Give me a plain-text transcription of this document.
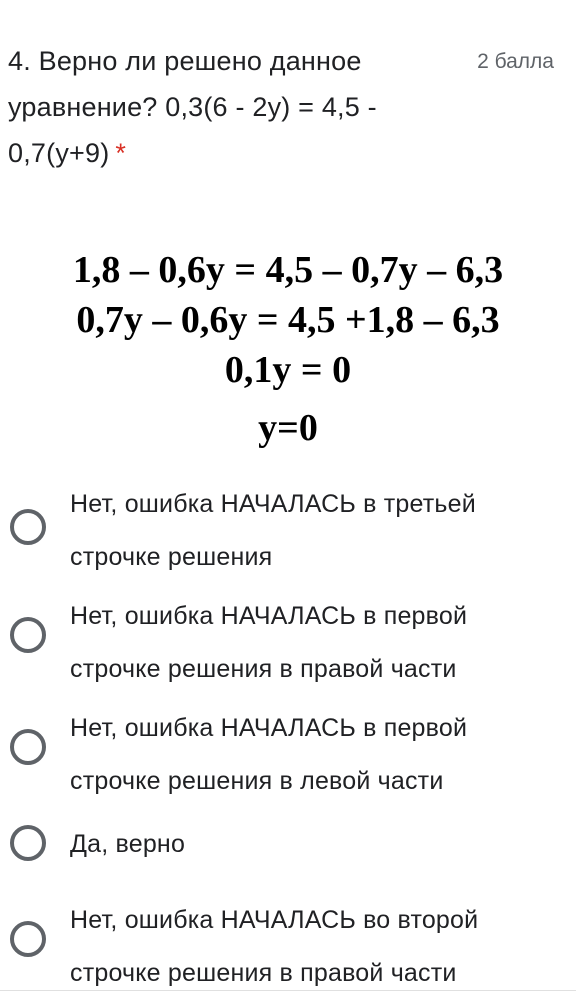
4. Верно ли решено данное уравнение? 0,3(6 - 2y) = 4,5 - 0,7(y+9) *
2 балла
1,8 – 0,6y = 4,5 – 0,7y – 6,3
0,7y – 0,6y = 4,5 +1,8 – 6,3
0,1y = 0
y=0
Нет, ошибка НАЧАЛАСЬ в третьей строчке решения
Нет, ошибка НАЧАЛАСЬ в первой строчке решения в правой части
Нет, ошибка НАЧАЛАСЬ в первой строчке решения в левой части
Да, верно
Нет, ошибка НАЧАЛАСЬ во второй строчке решения в правой части
